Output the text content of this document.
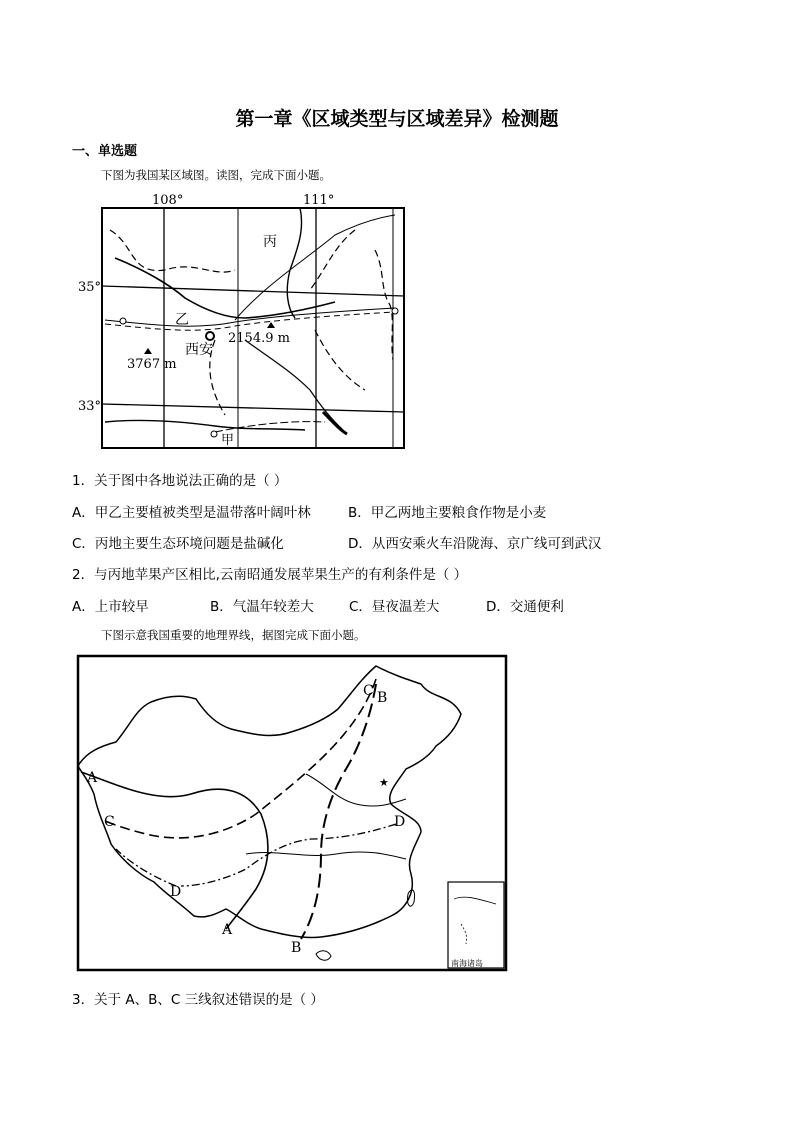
第一章《区域类型与区域差异》检测题
一、单选题
下图为我国某区域图。读图，完成下面小题。
108°	111°
35°
33°
丙
乙
西安
甲
3767 m
2154.9 m
1．关于图中各地说法正确的是（ ）
A．甲乙主要植被类型是温带落叶阔叶林	B．甲乙两地主要粮食作物是小麦
C．丙地主要生态环境问题是盐碱化	D．从西安乘火车沿陇海、京广线可到武汉
2．与丙地苹果产区相比,云南昭通发展苹果生产的有利条件是（ ）
A．上市较早	B．气温年较差大	C．昼夜温差大	D．交通便利
下图示意我国重要的地理界线，据图完成下面小题。
★
南海诸岛
A
C
D
A
B
C B
D
3．关于 A、B、C 三线叙述错误的是（ ）
